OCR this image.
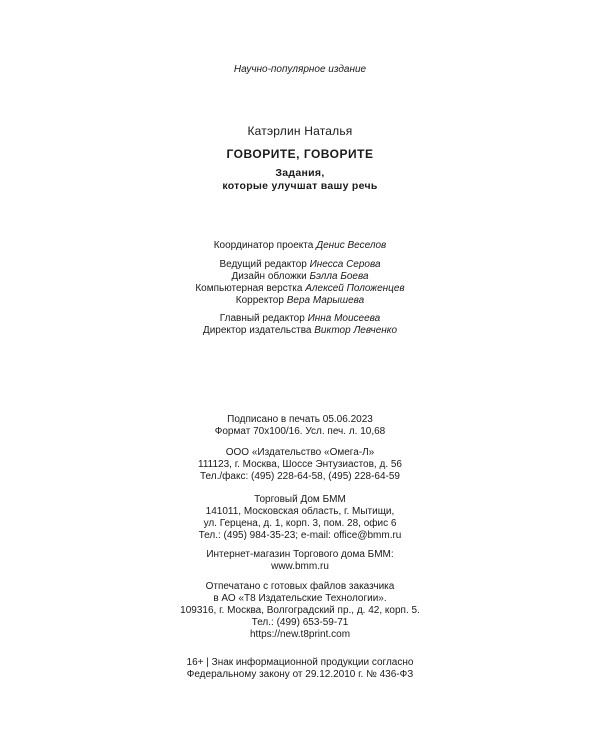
Научно-популярное издание
Катэрлин Наталья
ГОВОРИТЕ, ГОВОРИТЕ
Задания,
которые улучшат вашу речь
Координатор проекта Денис Веселов
Ведущий редактор Инесса Серова
Дизайн обложки Бэлла Боева
Компьютерная верстка Алексей Положенцев
Корректор Вера Марышева
Главный редактор Инна Моисеева
Директор издательства Виктор Левченко
Подписано в печать 05.06.2023
Формат 70x100/16. Усл. печ. л. 10,68
ООО «Издательство «Омега-Л»
111123, г. Москва, Шоссе Энтузиастов, д. 56
Тел./факс: (495) 228-64-58, (495) 228-64-59
Торговый Дом БММ
141011, Московская область, г. Мытищи,
ул. Герцена, д. 1, корп. 3, пом. 28, офис 6
Тел.: (495) 984-35-23; e-mail: office@bmm.ru
Интернет-магазин Торгового дома БММ:
www.bmm.ru
Отпечатано с готовых файлов заказчика
в АО «Т8 Издательские Технологии».
109316, г. Москва, Волгоградский пр., д. 42, корп. 5.
Тел.: (499) 653-59-71
https://new.t8print.com
16+ | Знак информационной продукции согласно
Федеральному закону от 29.12.2010 г. № 436-ФЗ
